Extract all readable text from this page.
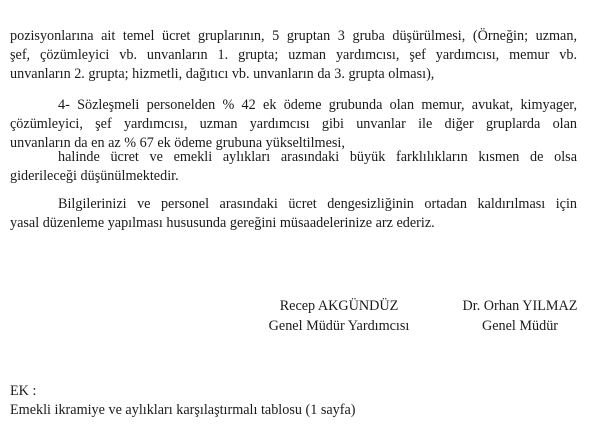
pozisyonlarına ait temel ücret gruplarının, 5 gruptan 3 gruba düşürülmesi, (Örneğin; uzman,
şef, çözümleyici vb. unvanların 1. grupta; uzman yardımcısı, şef yardımcısı, memur vb.
unvanların 2. grupta; hizmetli, dağıtıcı vb. unvanların da 3. grupta olması),
4- Sözleşmeli personelden % 42 ek ödeme grubunda olan memur, avukat, kimyager,
çözümleyici, şef yardımcısı, uzman yardımcısı gibi unvanlar ile diğer gruplarda olan
unvanların da en az % 67 ek ödeme grubuna yükseltilmesi,
halinde ücret ve emekli aylıkları arasındaki büyük farklılıkların kısmen de olsa
giderileceği düşünülmektedir.
Bilgilerinizi ve personel arasındaki ücret dengesizliğinin ortadan kaldırılması için
yasal düzenleme yapılması hususunda gereğini müsaadelerinize arz ederiz.
Recep AKGÜNDÜZ
Genel Müdür Yardımcısı
Dr. Orhan YILMAZ
Genel Müdür
EK :
Emekli ikramiye ve aylıkları karşılaştırmalı tablosu (1 sayfa)
